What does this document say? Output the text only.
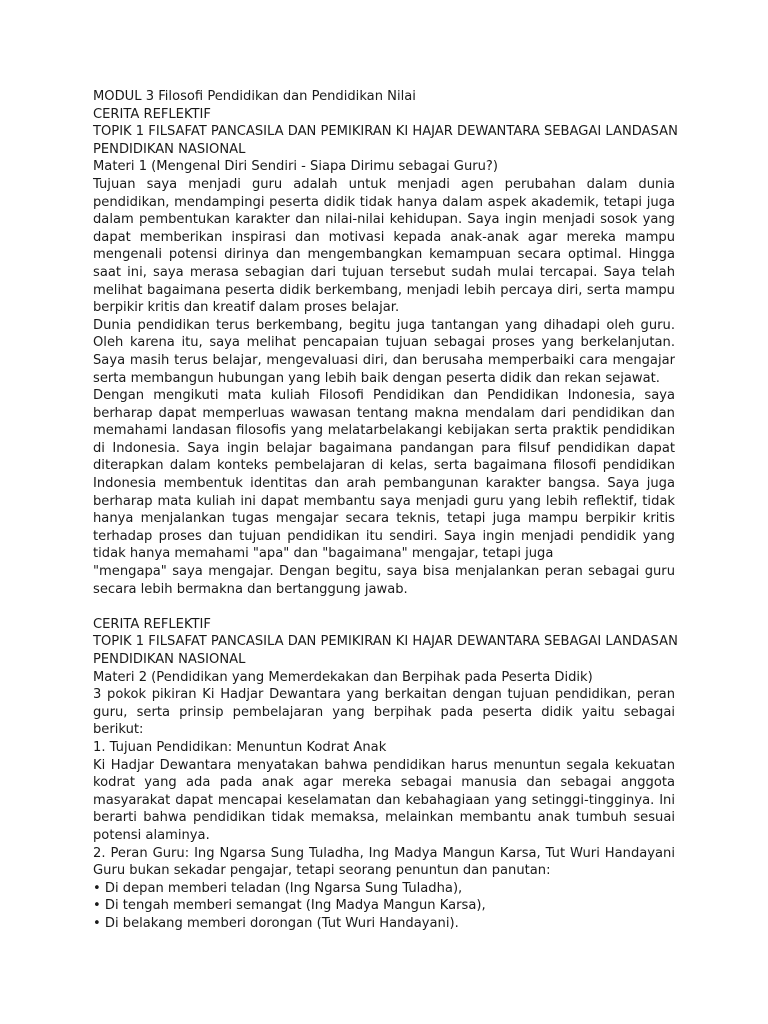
MODUL 3 Filosofi Pendidikan dan Pendidikan Nilai
CERITA REFLEKTIF
TOPIK 1 FILSAFAT PANCASILA DAN PEMIKIRAN KI HAJAR DEWANTARA SEBAGAI LANDASAN
PENDIDIKAN NASIONAL
Materi 1 (Mengenal Diri Sendiri - Siapa Dirimu sebagai Guru?)
Tujuan saya menjadi guru adalah untuk menjadi agen perubahan dalam dunia pendidikan, mendampingi peserta didik tidak hanya dalam aspek akademik, tetapi juga dalam pembentukan karakter dan nilai-nilai kehidupan. Saya ingin menjadi sosok yang dapat memberikan inspirasi dan motivasi kepada anak-anak agar mereka mampu mengenali potensi dirinya dan mengembangkan kemampuan secara optimal. Hingga saat ini, saya merasa sebagian dari tujuan tersebut sudah mulai tercapai. Saya telah melihat bagaimana peserta didik berkembang, menjadi lebih percaya diri, serta mampu berpikir kritis dan kreatif dalam proses belajar.
Dunia pendidikan terus berkembang, begitu juga tantangan yang dihadapi oleh guru. Oleh karena itu, saya melihat pencapaian tujuan sebagai proses yang berkelanjutan. Saya masih terus belajar, mengevaluasi diri, dan berusaha memperbaiki cara mengajar serta membangun hubungan yang lebih baik dengan peserta didik dan rekan sejawat.
Dengan mengikuti mata kuliah Filosofi Pendidikan dan Pendidikan Indonesia, saya berharap dapat memperluas wawasan tentang makna mendalam dari pendidikan dan memahami landasan filosofis yang melatarbelakangi kebijakan serta praktik pendidikan di Indonesia. Saya ingin belajar bagaimana pandangan para filsuf pendidikan dapat diterapkan dalam konteks pembelajaran di kelas, serta bagaimana filosofi pendidikan Indonesia membentuk identitas dan arah pembangunan karakter bangsa. Saya juga berharap mata kuliah ini dapat membantu saya menjadi guru yang lebih reflektif, tidak hanya menjalankan tugas mengajar secara teknis, tetapi juga mampu berpikir kritis terhadap proses dan tujuan pendidikan itu sendiri. Saya ingin menjadi pendidik yang tidak hanya memahami "apa" dan "bagaimana" mengajar, tetapi juga
"mengapa" saya mengajar. Dengan begitu, saya bisa menjalankan peran sebagai guru secara lebih bermakna dan bertanggung jawab.
CERITA REFLEKTIF
TOPIK 1 FILSAFAT PANCASILA DAN PEMIKIRAN KI HAJAR DEWANTARA SEBAGAI LANDASAN
PENDIDIKAN NASIONAL
Materi 2 (Pendidikan yang Memerdekakan dan Berpihak pada Peserta Didik)
3 pokok pikiran Ki Hadjar Dewantara yang berkaitan dengan tujuan pendidikan, peran guru, serta prinsip pembelajaran yang berpihak pada peserta didik yaitu sebagai berikut:
1. Tujuan Pendidikan: Menuntun Kodrat Anak
Ki Hadjar Dewantara menyatakan bahwa pendidikan harus menuntun segala kekuatan kodrat yang ada pada anak agar mereka sebagai manusia dan sebagai anggota masyarakat dapat mencapai keselamatan dan kebahagiaan yang setinggi-tingginya. Ini berarti bahwa pendidikan tidak memaksa, melainkan membantu anak tumbuh sesuai potensi alaminya.
2. Peran Guru: Ing Ngarsa Sung Tuladha, Ing Madya Mangun Karsa, Tut Wuri Handayani Guru bukan sekadar pengajar, tetapi seorang penuntun dan panutan:
• Di depan memberi teladan (Ing Ngarsa Sung Tuladha),
• Di tengah memberi semangat (Ing Madya Mangun Karsa),
• Di belakang memberi dorongan (Tut Wuri Handayani).
